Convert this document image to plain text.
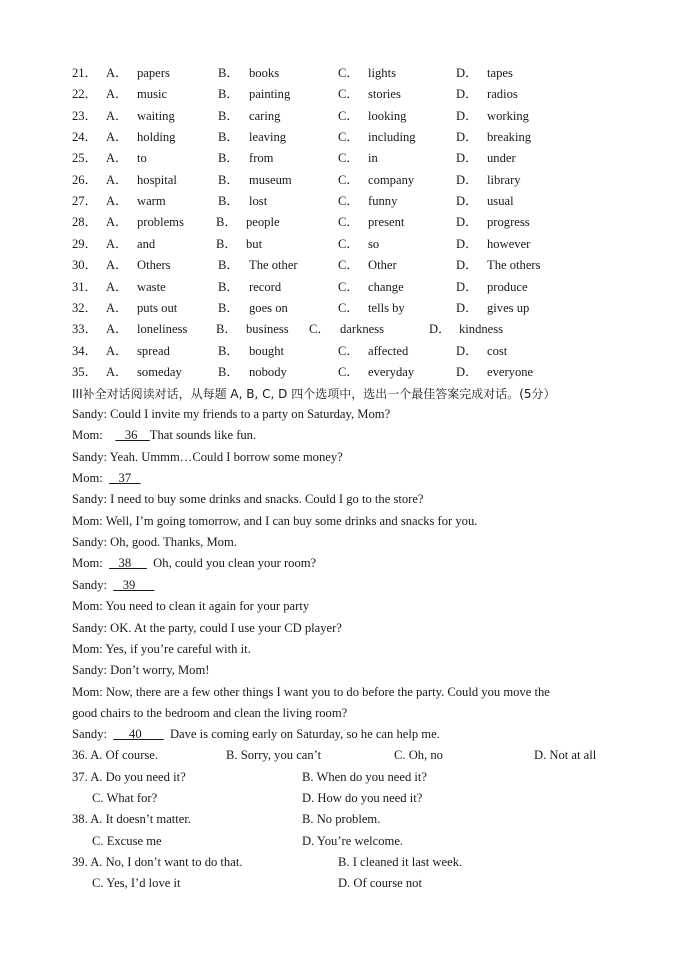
21． A． papers	B． books	C． lights	D． tapes
22． A． music	B． painting	C． stories	D． radios
23． A． waiting	B． caring	C． looking	D． working
24． A． holding	B． leaving	C． including	D． breaking
25． A． to	B． from	C． in	D． under
26． A． hospital	B． museum	C． company	D． library
27． A． warm	B． lost	C． funny	D． usual
28． A． problems	B． people	C． present	D． progress
29． A． and	B． but	C． so	D． however
30． A． Others	B． The other	C． Other	D． The others
31． A． waste	B． record	C． change	D． produce
32． A． puts out	B． goes on	C． tells by	D． gives up
33． A． loneliness B． business C． darkness	D． kindness
34． A． spread	B． bought	C． affected	D． cost
35． A． someday	B． nobody	C． everyday	D． everyone
III补全对话阅读对话，从每题 A, B, C, D 四个选项中，选出一个最佳答案完成对话。(5分）
Sandy: Could I invite my friends to a party on Saturday, Mom?
Mom:       36    That sounds like fun.
Sandy: Yeah. Ummm…Could I borrow some money?
Mom:     37
Sandy: I need to buy some drinks and snacks. Could I go to the store?
Mom: Well, I’m going tomorrow, and I can buy some drinks and snacks for you.
Sandy: Oh, good. Thanks, Mom.
Mom:     38       Oh, could you clean your room?
Sandy:     39
Mom: You need to clean it again for your party
Sandy: OK. At the party, could I use your CD player?
Mom: Yes, if you’re careful with it.
Sandy: Don’t worry, Mom!
Mom: Now, there are a few other things I want you to do before the party. Could you move the
good chairs to the bedroom and clean the living room?
Sandy:       40         Dave is coming early on Saturday, so he can help me.
36. A. Of course.	B. Sorry, you can’t	C. Oh, no	D. Not at all
37. A. Do you need it?	B. When do you need it?
C. What for?	D. How do you need it?
38. A. It doesn’t matter.	B. No problem.
C. Excuse me	D. You’re welcome.
39. A. No, I don’t want to do that.	B. I cleaned it last week.
C. Yes, I’d love it	D. Of course not
